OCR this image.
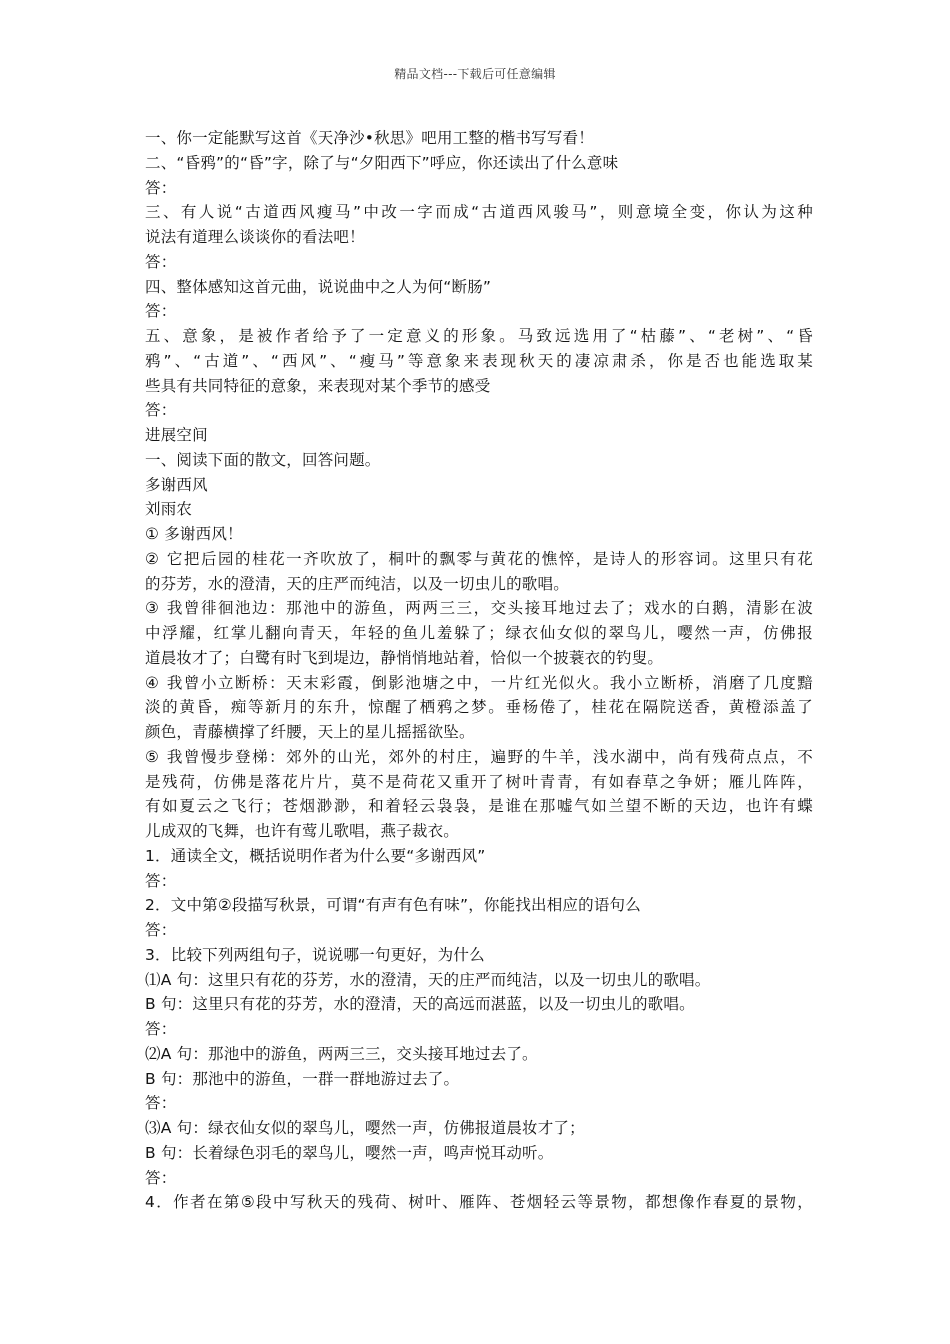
精品文档---下载后可任意编辑
一、你一定能默写这首《天净沙•秋思》吧用工整的楷书写写看！
二、“昏鸦”的“昏”字，除了与“夕阳西下”呼应，你还读出了什么意味
答：
三、有人说“古道西风瘦马”中改一字而成“古道西风骏马”，则意境全变，你认为这种
说法有道理么谈谈你的看法吧！
答：
四、整体感知这首元曲，说说曲中之人为何“断肠”
答：
五、意象，是被作者给予了一定意义的形象。马致远选用了“枯藤”、“老树”、“昏
鸦”、“古道”、“西风”、“瘦马”等意象来表现秋天的凄凉肃杀，你是否也能选取某
些具有共同特征的意象，来表现对某个季节的感受
答：
进展空间
一、阅读下面的散文，回答问题。
多谢西风
刘雨农
① 多谢西风！
② 它把后园的桂花一齐吹放了，桐叶的飘零与黄花的憔悴，是诗人的形容词。这里只有花
的芬芳，水的澄清，天的庄严而纯洁，以及一切虫儿的歌唱。
③ 我曾徘徊池边：那池中的游鱼，两两三三，交头接耳地过去了；戏水的白鹅，清影在波
中浮耀，红掌儿翻向青天，年轻的鱼儿羞躲了；绿衣仙女似的翠鸟儿，嘤然一声，仿佛报
道晨妆才了；白鹭有时飞到堤边，静悄悄地站着，恰似一个披蓑衣的钓叟。
④ 我曾小立断桥：天末彩霞，倒影池塘之中，一片红光似火。我小立断桥，消磨了几度黯
淡的黄昏，痴等新月的东升，惊醒了栖鸦之梦。垂杨倦了，桂花在隔院送香，黄橙添盖了
颜色，青藤横撑了纤腰，天上的星儿摇摇欲坠。
⑤ 我曾慢步登梯：郊外的山光，郊外的村庄，遍野的牛羊，浅水湖中，尚有残荷点点，不
是残荷，仿佛是落花片片，莫不是荷花又重开了树叶青青，有如春草之争妍；雁儿阵阵，
有如夏云之飞行；苍烟渺渺，和着轻云袅袅，是谁在那嘘气如兰望不断的天边，也许有蝶
儿成双的飞舞，也许有莺儿歌唱，燕子裁衣。
1．通读全文，概括说明作者为什么要“多谢西风”
答：
2．文中第②段描写秋景，可谓“有声有色有味”，你能找出相应的语句么
答：
3．比较下列两组句子，说说哪一句更好，为什么
⑴A 句：这里只有花的芬芳，水的澄清，天的庄严而纯洁，以及一切虫儿的歌唱。
B 句：这里只有花的芬芳，水的澄清，天的高远而湛蓝，以及一切虫儿的歌唱。
答：
⑵A 句：那池中的游鱼，两两三三，交头接耳地过去了。
B 句：那池中的游鱼，一群一群地游过去了。
答：
⑶A 句：绿衣仙女似的翠鸟儿，嘤然一声，仿佛报道晨妆才了；
B 句：长着绿色羽毛的翠鸟儿，嘤然一声，鸣声悦耳动听。
答：
4．作者在第⑤段中写秋天的残荷、树叶、雁阵、苍烟轻云等景物，都想像作春夏的景物，
